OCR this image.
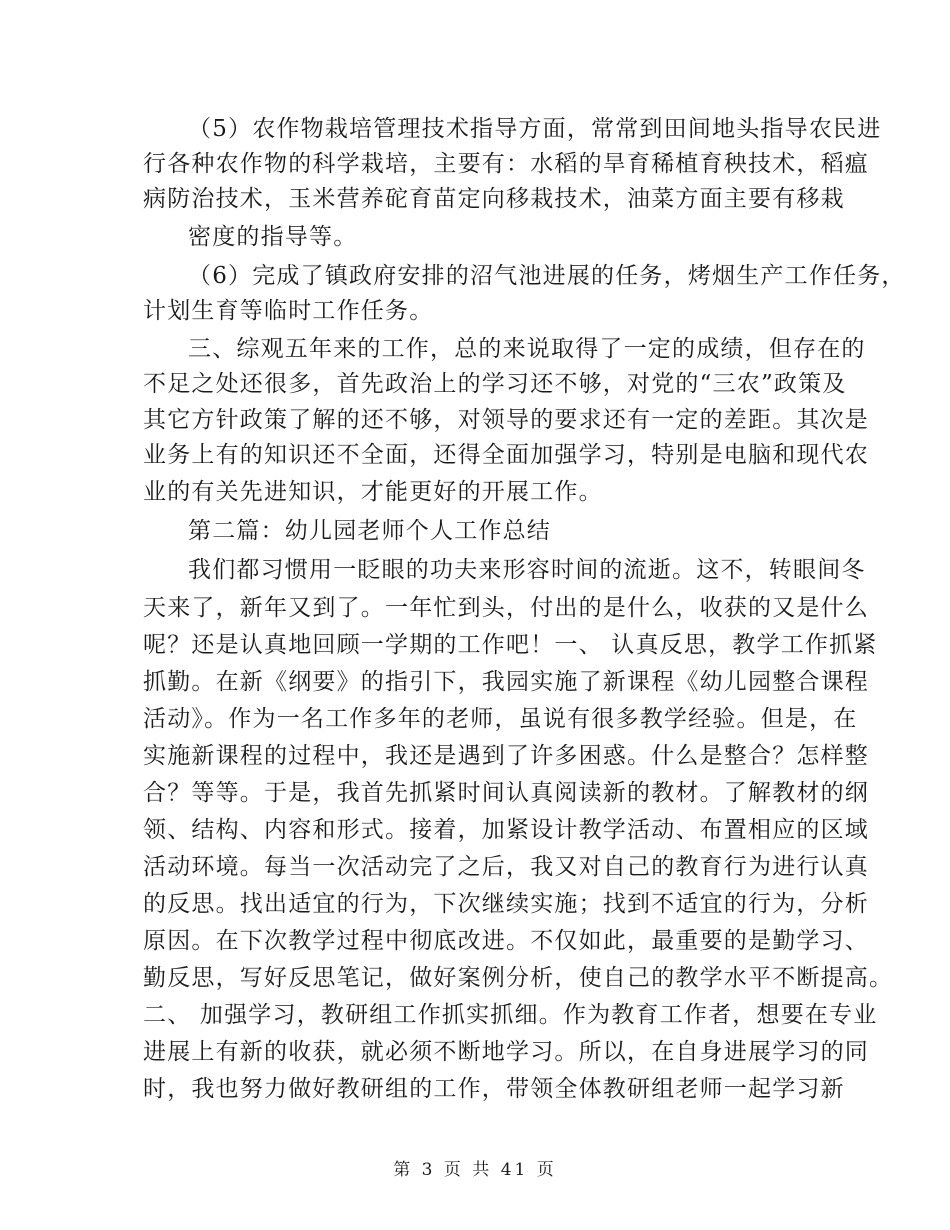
（5）农作物栽培管理技术指导方面，常常到田间地头指导农民进
行各种农作物的科学栽培，主要有：水稻的旱育稀植育秧技术，稻瘟
病防治技术，玉米营养砣育苗定向移栽技术，油菜方面主要有移栽
密度的指导等。
（6）完成了镇政府安排的沼气池进展的任务，烤烟生产工作任务，
计划生育等临时工作任务。
三、综观五年来的工作，总的来说取得了一定的成绩，但存在的
不足之处还很多，首先政治上的学习还不够，对党的“三农”政策及
其它方针政策了解的还不够，对领导的要求还有一定的差距。其次是
业务上有的知识还不全面，还得全面加强学习，特别是电脑和现代农
业的有关先进知识，才能更好的开展工作。
第二篇：幼儿园老师个人工作总结
我们都习惯用一眨眼的功夫来形容时间的流逝。这不，转眼间冬
天来了，新年又到了。一年忙到头，付出的是什么，收获的又是什么
呢？还是认真地回顾一学期的工作吧！一、 认真反思，教学工作抓紧
抓勤。在新《纲要》的指引下，我园实施了新课程《幼儿园整合课程
活动》。作为一名工作多年的老师，虽说有很多教学经验。但是，在
实施新课程的过程中，我还是遇到了许多困惑。什么是整合？怎样整
合？等等。于是，我首先抓紧时间认真阅读新的教材。了解教材的纲
领、结构、内容和形式。接着，加紧设计教学活动、布置相应的区域
活动环境。每当一次活动完了之后，我又对自己的教育行为进行认真
的反思。找出适宜的行为，下次继续实施；找到不适宜的行为，分析
原因。在下次教学过程中彻底改进。不仅如此，最重要的是勤学习、
勤反思，写好反思笔记，做好案例分析，使自己的教学水平不断提高。
二、 加强学习，教研组工作抓实抓细。作为教育工作者，想要在专业
进展上有新的收获，就必须不断地学习。所以，在自身进展学习的同
时，我也努力做好教研组的工作，带领全体教研组老师一起学习新
第 3 页 共 41 页
